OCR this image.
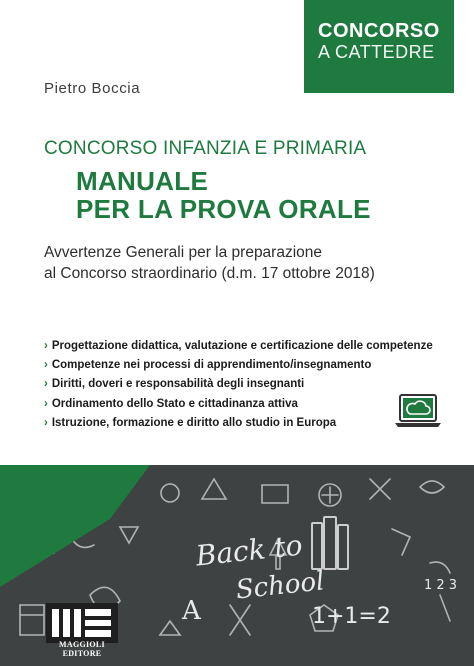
CONCORSO
A CATTEDRE
Pietro Boccia
CONCORSO INFANZIA E PRIMARIA
MANUALE
PER LA PROVA ORALE
Avvertenze Generali per la preparazione
al Concorso straordinario (d.m. 17 ottobre 2018)
› Progettazione didattica, valutazione e certificazione delle competenze
› Competenze nei processi di apprendimento/insegnamento
› Diritti, doveri e responsabilità degli insegnanti
› Ordinamento dello Stato e cittadinanza attiva
› Istruzione, formazione e diritto allo studio in Europa
Back to
School
1+1=2
1 2 3
A
MAGGIOLI
EDITORE
